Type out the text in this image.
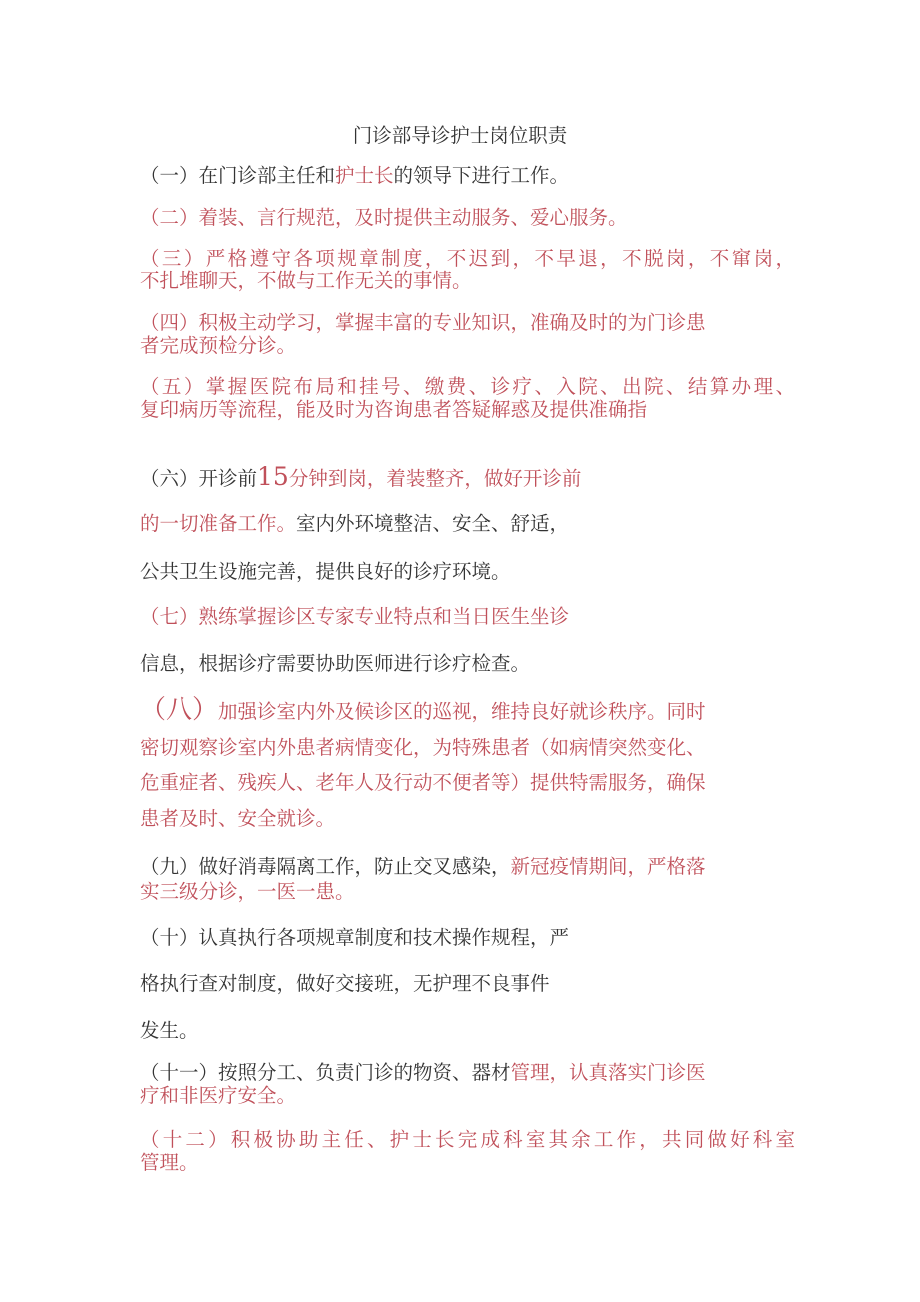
门诊部导诊护士岗位职责
（一）在门诊部主任和护士长的领导下进行工作。
（二）着装、言行规范，及时提供主动服务、爱心服务。
（三）严格遵守各项规章制度，不迟到，不早退，不脱岗，不窜岗，
不扎堆聊天，不做与工作无关的事情。
（四）积极主动学习，掌握丰富的专业知识，准确及时的为门诊患
者完成预检分诊。
（五）掌握医院布局和挂号、缴费、诊疗、入院、出院、结算办理、
复印病历等流程，能及时为咨询患者答疑解惑及提供准确指
（六）开诊前15分钟到岗，着装整齐，做好开诊前
的一切准备工作。室内外环境整洁、安全、舒适，
公共卫生设施完善，提供良好的诊疗环境。
（七）熟练掌握诊区专家专业特点和当日医生坐诊
信息，根据诊疗需要协助医师进行诊疗检查。
（八）加强诊室内外及候诊区的巡视，维持良好就诊秩序。同时
密切观察诊室内外患者病情变化，为特殊患者（如病情突然变化、
危重症者、残疾人、老年人及行动不便者等）提供特需服务，确保
患者及时、安全就诊。
（九）做好消毒隔离工作，防止交叉感染，新冠疫情期间，严格落
实三级分诊，一医一患。
（十）认真执行各项规章制度和技术操作规程，严
格执行查对制度，做好交接班，无护理不良事件
发生。
（十一）按照分工、负责门诊的物资、器材管理，认真落实门诊医
疗和非医疗安全。
（十二）积极协助主任、护士长完成科室其余工作，共同做好科室
管理。
